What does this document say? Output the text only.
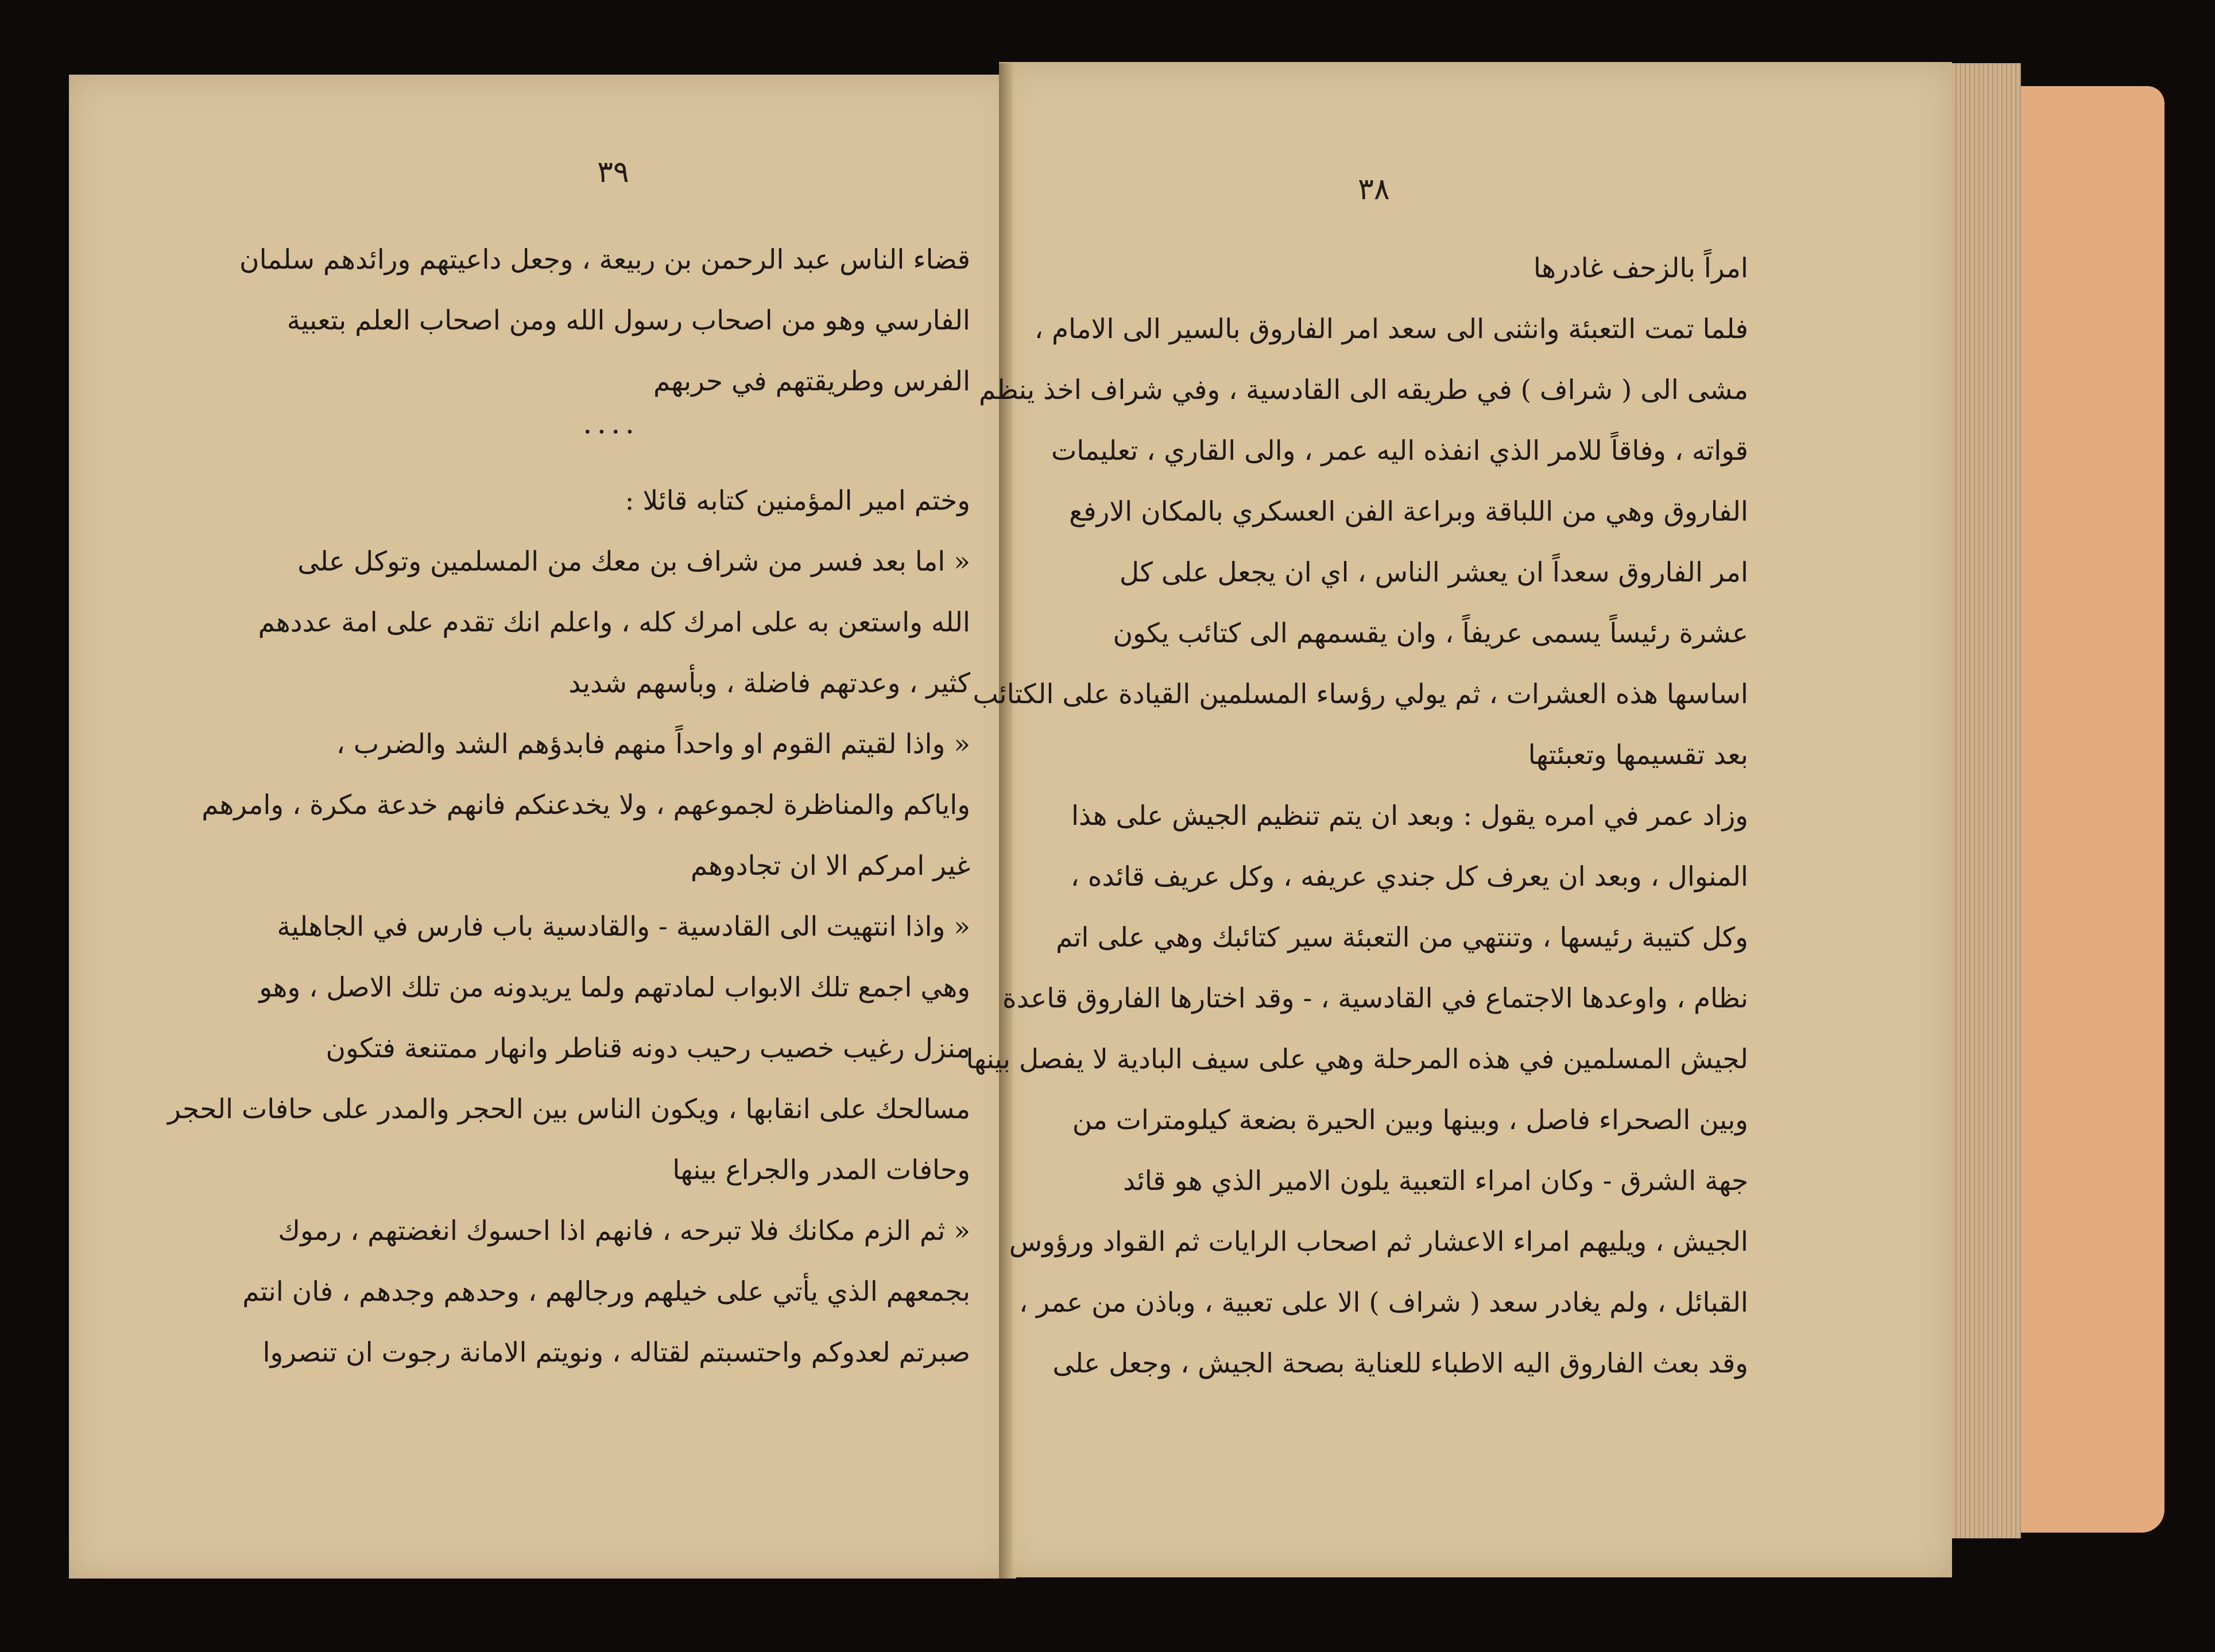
٣٩
قضاء الناس عبد الرحمن بن ربيعة ، وجعل داعيتهم ورائدهم سلمان
الفارسي وهو من اصحاب رسول الله ومن اصحاب العلم بتعبية
الفرس وطريقتهم في حربهم
....
وختم امير المؤمنين كتابه قائلا :
« اما بعد فسر من شراف بن معك من المسلمين وتوكل على
الله واستعن به على امرك كله ، واعلم انك تقدم على امة عددهم
كثير ، وعدتهم فاضلة ، وبأسهم شديد
« واذا لقيتم القوم او واحداً منهم فابدؤهم الشد والضرب ،
واياكم والمناظرة لجموعهم ، ولا يخدعنكم فانهم خدعة مكرة ، وامرهم
غير امركم الا ان تجادوهم
« واذا انتهيت الى القادسية - والقادسية باب فارس في الجاهلية
وهي اجمع تلك الابواب لمادتهم ولما يريدونه من تلك الاصل ، وهو
منزل رغيب خصيب رحيب دونه قناطر وانهار ممتنعة فتكون
مسالحك على انقابها ، ويكون الناس بين الحجر والمدر على حافات الحجر
وحافات المدر والجراع بينها
« ثم الزم مكانك فلا تبرحه ، فانهم اذا احسوك انغضتهم ، رموك
بجمعهم الذي يأتي على خيلهم ورجالهم ، وحدهم وجدهم ، فان انتم
صبرتم لعدوكم واحتسبتم لقتاله ، ونويتم الامانة رجوت ان تنصروا
٣٨
امراً بالزحف غادرها
فلما تمت التعبئة وانثنى الى سعد امر الفاروق بالسير الى الامام ،
مشى الى ( شراف ) في طريقه الى القادسية ، وفي شراف اخذ ينظم
قواته ، وفاقاً للامر الذي انفذه اليه عمر ، والى القاري ، تعليمات
الفاروق وهي من اللباقة وبراعة الفن العسكري بالمكان الارفع
امر الفاروق سعداً ان يعشر الناس ، اي ان يجعل على كل
عشرة رئيساً يسمى عريفاً ، وان يقسمهم الى كتائب يكون
اساسها هذه العشرات ، ثم يولي رؤساء المسلمين القيادة على الكتائب
بعد تقسيمها وتعبئتها
وزاد عمر في امره يقول : وبعد ان يتم تنظيم الجيش على هذا
المنوال ، وبعد ان يعرف كل جندي عريفه ، وكل عريف قائده ،
وكل كتيبة رئيسها ، وتنتهي من التعبئة سير كتائبك وهي على اتم
نظام ، واوعدها الاجتماع في القادسية ، - وقد اختارها الفاروق قاعدة
لجيش المسلمين في هذه المرحلة وهي على سيف البادية لا يفصل بينها
وبين الصحراء فاصل ، وبينها وبين الحيرة بضعة كيلومترات من
جهة الشرق - وكان امراء التعبية يلون الامير الذي هو قائد
الجيش ، ويليهم امراء الاعشار ثم اصحاب الرايات ثم القواد ورؤوس
القبائل ، ولم يغادر سعد ( شراف ) الا على تعبية ، وباذن من عمر ،
وقد بعث الفاروق اليه الاطباء للعناية بصحة الجيش ، وجعل على
